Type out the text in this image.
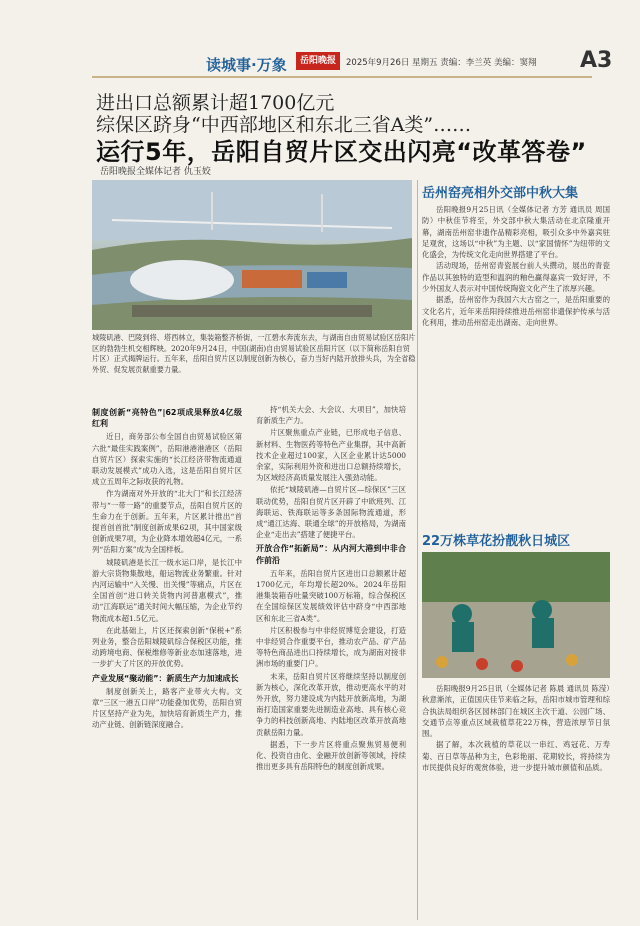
读城事·万象	岳阳晚报	2025年9月26日 星期五 责编：李兰英 美编：窦翔 A3
进出口总额累计超1700亿元
综保区跻身“中西部地区和东北三省A类”……
运行5年，岳阳自贸片区交出闪亮“改革答卷”
岳阳晚报全媒体记者 仇玉姣
城陵矶港、巴陵到将、塔西林立，集装箱整齐桥街，一江碧水奔流东去，与湖南自由贸易试验区岳阳片区的勃勃生机交相辉映。2020年9月24日，中国(湖南)自由贸易试验区岳阳片区（以下简称岳阳自贸片区）正式揭牌运行。五年来，岳阳自贸片区以制度创新为核心，奋力当好内陆开放排头兵，为全省稳外贸、促发展贡献重要力量。
制度创新“亮特色”|62项成果释放4亿级红利

近日，商务部公布全国自由贸易试验区第六批“最佳实践案例”，岳阳港港港港区（岳阳自贸片区）探索实施的“长江经济带物流通道联动发展模式”成功入选，这是岳阳自贸片区成立五周年之际收获的礼物。

作为湖南对外开放的“北大门”和长江经济带与“一带一路”的重要节点，岳阳自贸片区的生命力在于创新。五年来，片区累计推出“首提首创首批”制度创新成果62项，其中国家级创新成果7项，为企业降本增效超4亿元，一系列“岳阳方案”成为全国样板。

城陵矶港是长江一级水运口岸，是长江中游大宗货物集散地，船运物流业务繁重。针对内河运输中“入关慢、出关慢”等痛点，片区在全国首创“进口转关货物内河普惠模式”，推动“江海联运”通关时间大幅压缩，为企业节约物流成本超1.5亿元。

在此基础上，片区还探索创新“保税+”系列业务，整合岳阳城陵矶综合保税区功能，推动跨境电商、保税维修等新业态加速落地，进一步扩大了片区的开放优势。

产业发展“聚动能”：新质生产力加速成长

制度创新关上，路客产业带火大构。文章“三区一港五口岸”功能叠加优势，岳阳自贸片区坚持产业为先，加快培育新质生产力，推动产业链、创新链深度融合。

持“机关大会、大会议、大项目”，加快培育新质生产力。

片区聚焦重点产业链，已形成电子信息、新材料、生物医药等特色产业集群，其中高新技术企业超过100家，入区企业累计达5000余家，实际利用外资和进出口总额持续增长，为区域经济高质量发展注入强劲动能。

依托“城陵矶港—自贸片区—综保区”三区联动优势，岳阳自贸片区开辟了中欧班列、江海联运、铁海联运等多条国际物流通道，形成“通江达海、联通全球”的开放格局，为湖南企业“走出去”搭建了便捷平台。

开放合作“拓新局”：从内河大港到中非合作前沿

五年来，岳阳自贸片区进出口总额累计超1700亿元，年均增长超20%。2024年岳阳港集装箱吞吐量突破100万标箱，综合保税区在全国综保区发展绩效评估中跻身“中西部地区和东北三省A类”。

片区积极参与中非经贸博览会建设，打造中非经贸合作重要平台，推动农产品、矿产品等特色商品进出口持续增长，成为湖南对接非洲市场的重要门户。

未来，岳阳自贸片区将继续坚持以制度创新为核心，深化改革开放，推动更高水平的对外开放，努力建设成为内陆开放新高地，为湖南打造国家重要先进制造业高地、具有核心竞争力的科技创新高地、内陆地区改革开放高地贡献岳阳力量。

据悉，下一步片区将重点聚焦贸易便利化、投资自由化、金融开放创新等领域，持续推出更多具有岳阳特色的制度创新成果。

岳州窑亮相外交部中秋大集

岳阳晚报9月25日讯（全媒体记者 方芳 通讯员 周国防）中秋佳节将至，外交部中秋大集活动在北京隆重开幕，湖南岳州窑非遗作品精彩亮相，吸引众多中外嘉宾驻足观赏，这场以“中秋”为主题、以“家国情怀”为纽带的文化盛会，为传统文化走向世界搭建了平台。

活动现场，岳州窑青瓷展台前人头攒动，展出的青瓷作品以其独特的造型和温润的釉色赢得嘉宾一致好评，不少外国友人表示对中国传统陶瓷文化产生了浓厚兴趣。

据悉，岳州窑作为我国六大古窑之一，是岳阳重要的文化名片，近年来岳阳持续推进岳州窑非遗保护传承与活化利用，推动岳州窑走出湖南、走向世界。

22万株草花扮靓秋日城区

岳阳晚报9月25日讯（全媒体记者 陈晨 通讯员 陈滢）秋意渐浓，正值国庆佳节来临之际，岳阳市城市管理和综合执法局组织各区园林部门在城区主次干道、公园广场、交通节点等重点区域栽植草花22万株，营造浓厚节日氛围。

据了解，本次栽植的草花以一串红、鸡冠花、万寿菊、百日草等品种为主，色彩艳丽、花期较长，将持续为市民提供良好的观赏体验，进一步提升城市颜值和品质。
